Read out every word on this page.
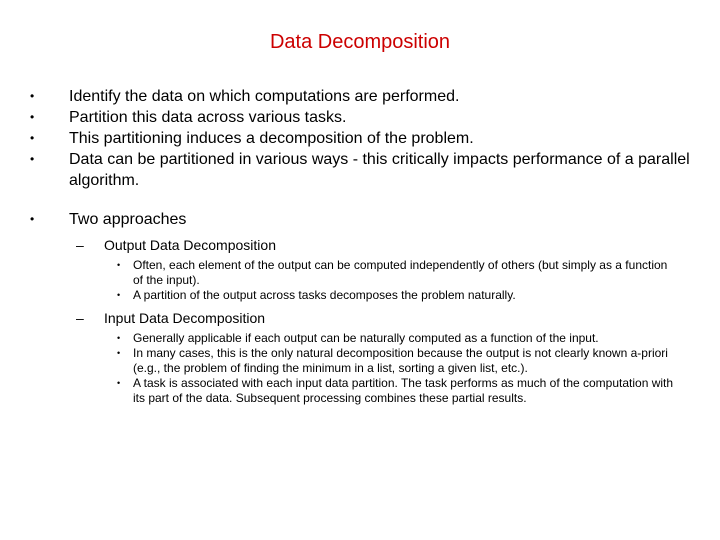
Data Decomposition
•	Identify the data on which computations are performed.
•	Partition this data across various tasks.
•	This partitioning induces a decomposition of the problem.
•	Data can be partitioned in various ways - this critically impacts performance of a parallel algorithm.
•	Two approaches
– Output Data Decomposition
• Often, each element of the output can be computed independently of others (but simply as a function of the input).
• A partition of the output across tasks decomposes the problem naturally.
– Input Data Decomposition
• Generally applicable if each output can be naturally computed as a function of the input.
• In many cases, this is the only natural decomposition because the output is not clearly known a-priori (e.g., the problem of finding the minimum in a list, sorting a given list, etc.).
• A task is associated with each input data partition. The task performs as much of the computation with its part of the data. Subsequent processing combines these partial results.
